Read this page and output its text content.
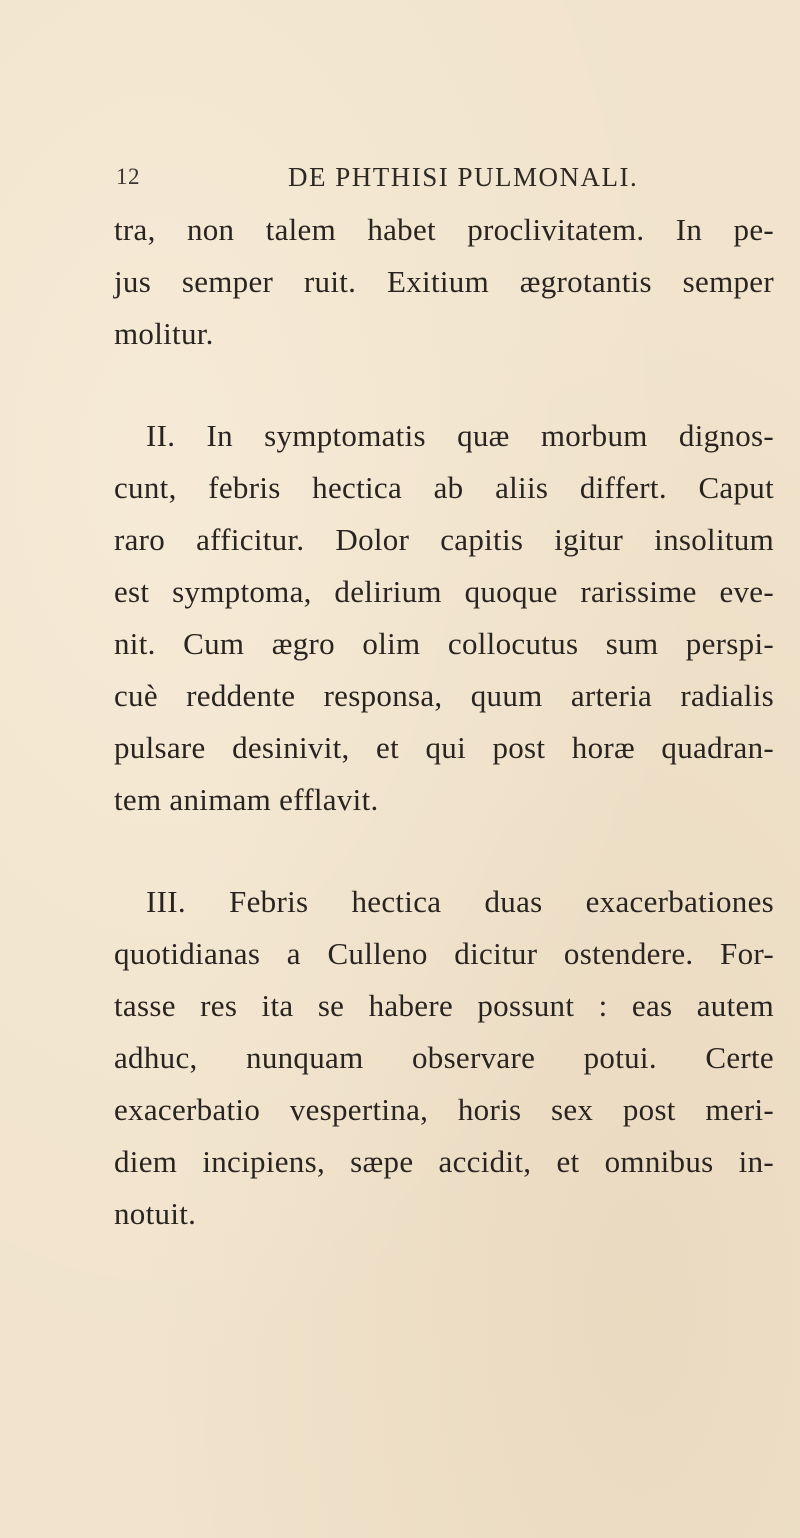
12	DE PHTHISI PULMONALI.
tra, non talem habet proclivitatem. In pe-
jus semper ruit. Exitium ægrotantis semper
molitur.
II. In symptomatis quæ morbum dignos-
cunt, febris hectica ab aliis differt. Caput
raro afficitur. Dolor capitis igitur insolitum
est symptoma, delirium quoque rarissime eve-
nit. Cum ægro olim collocutus sum perspi-
cuè reddente responsa, quum arteria radialis
pulsare desinivit, et qui post horæ quadran-
tem animam efflavit.
III. Febris hectica duas exacerbationes
quotidianas a Culleno dicitur ostendere. For-
tasse res ita se habere possunt : eas autem
adhuc, nunquam observare potui. Certe
exacerbatio vespertina, horis sex post meri-
diem incipiens, sæpe accidit, et omnibus in-
notuit.
